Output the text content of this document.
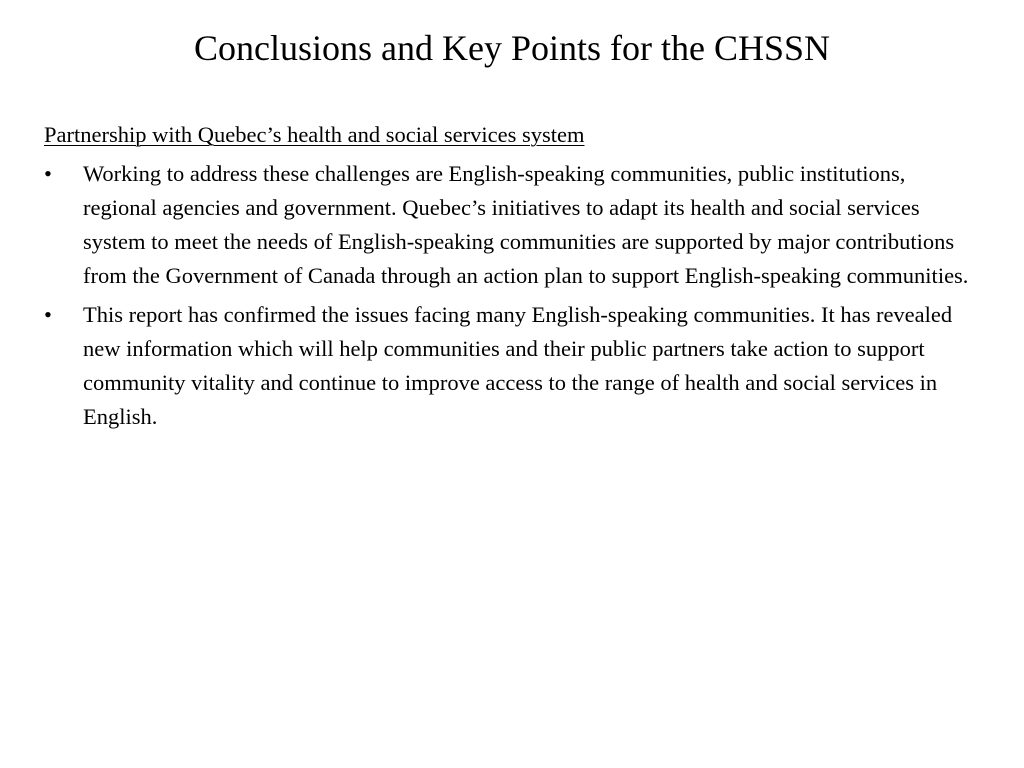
Conclusions and Key Points for the CHSSN

Partnership with Quebec’s health and social services system

• Working to address these challenges are English-speaking communities, public institutions, regional agencies and government. Quebec’s initiatives to adapt its health and social services system to meet the needs of English-speaking communities are supported by major contributions from the Government of Canada through an action plan to support English-speaking communities.
• This report has confirmed the issues facing many English-speaking communities. It has revealed new information which will help communities and their public partners take action to support community vitality and continue to improve access to the range of health and social services in English.
